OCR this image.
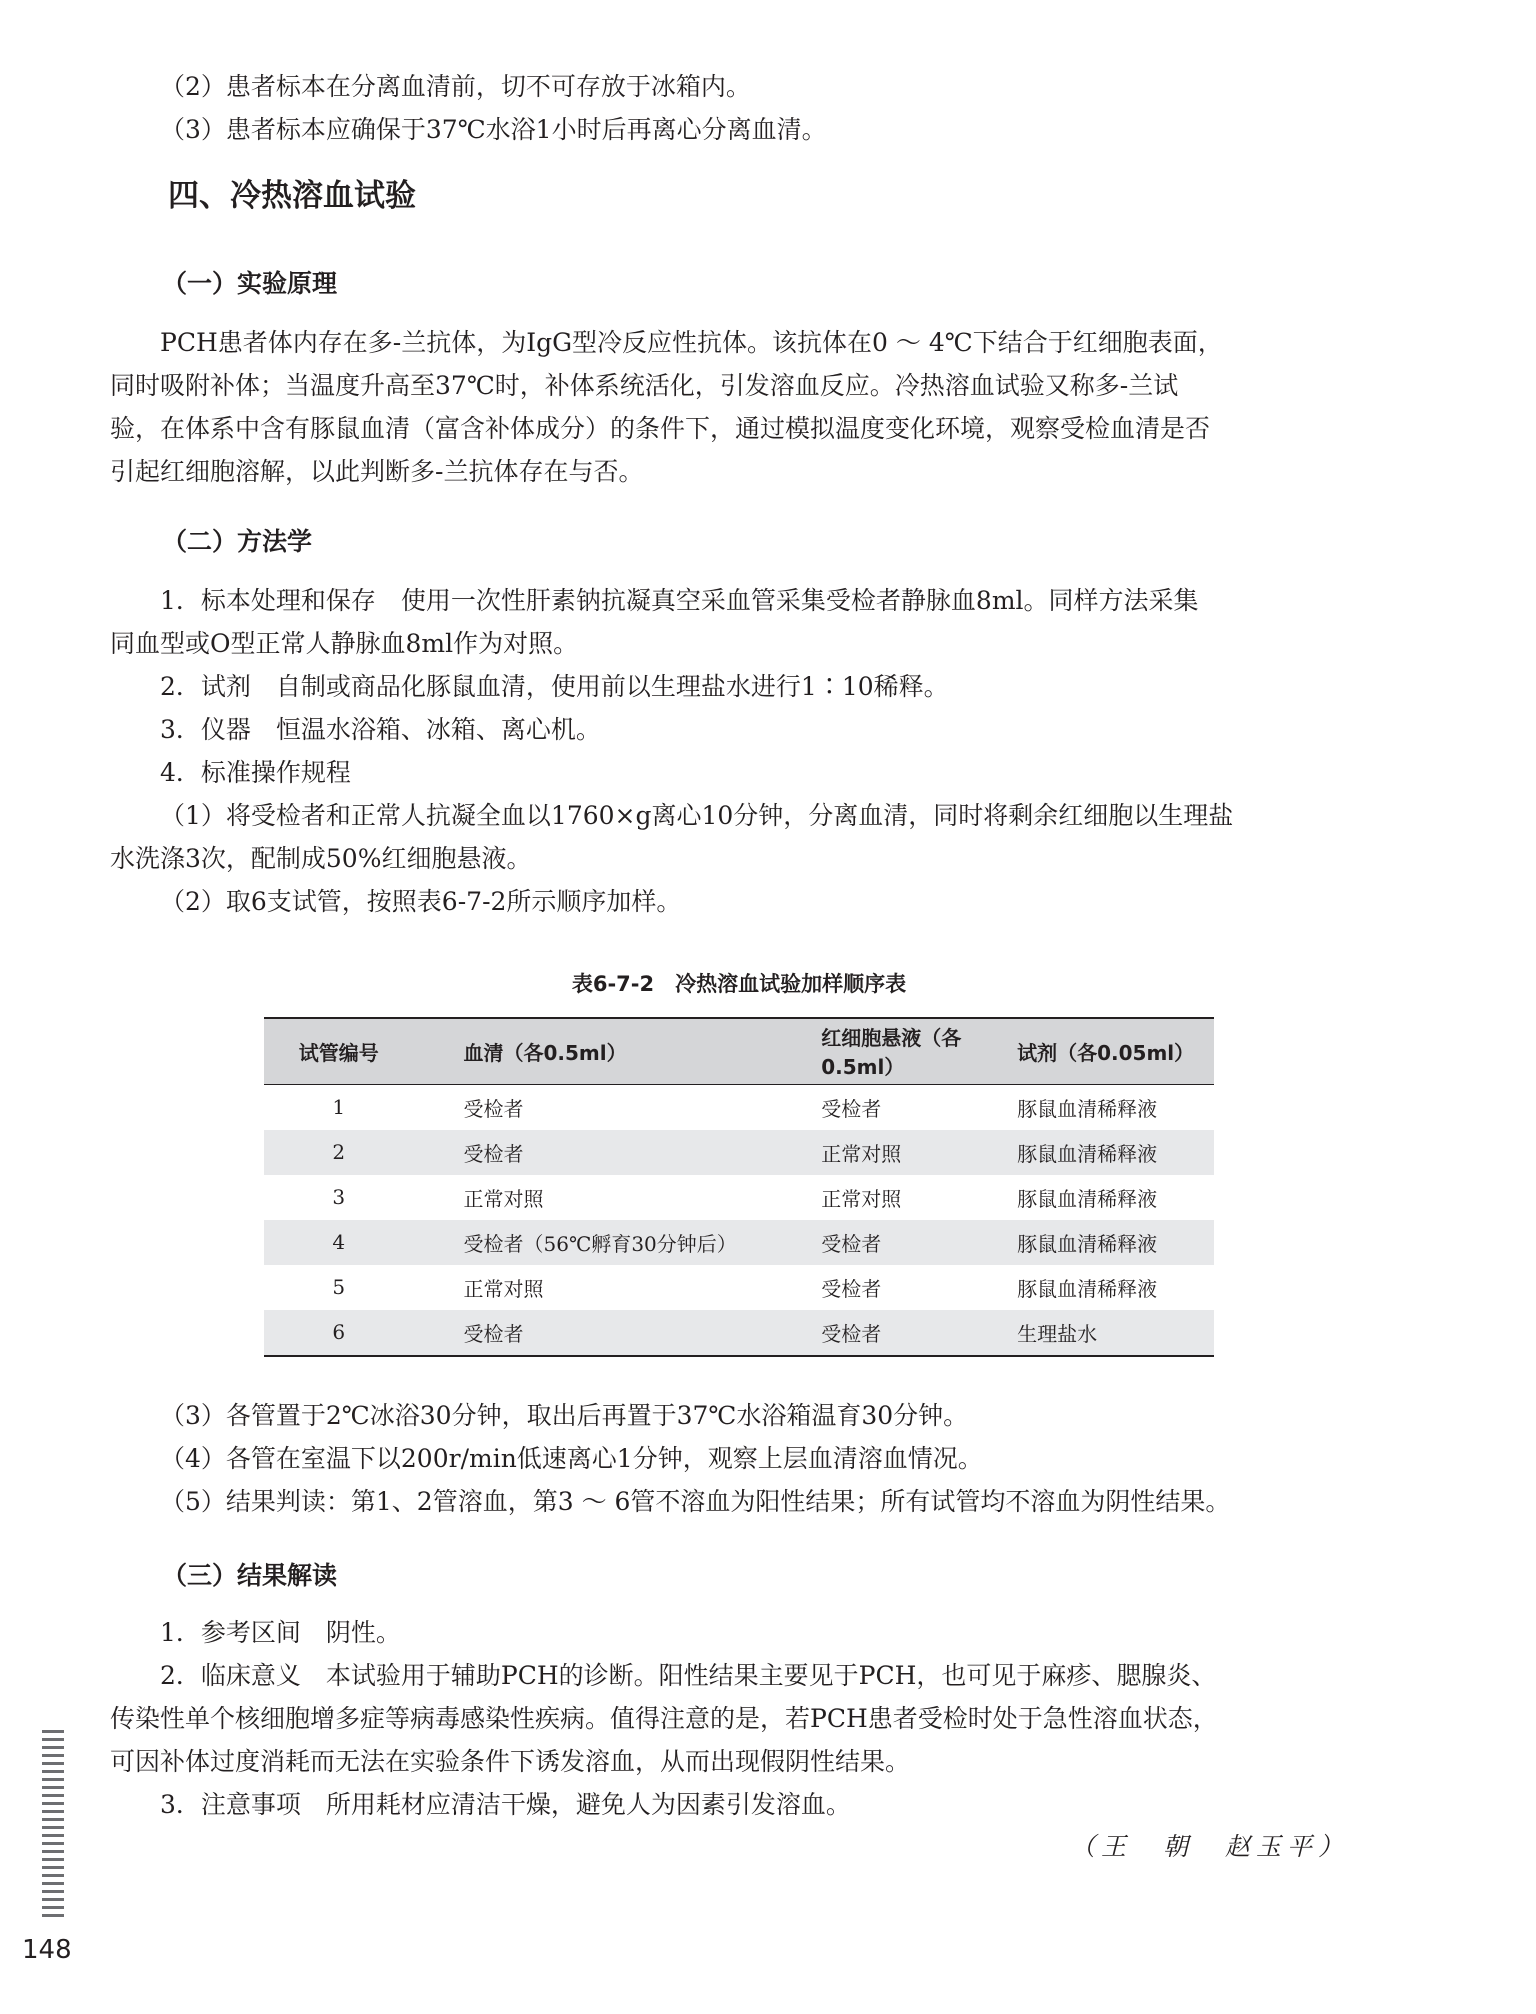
（2）患者标本在分离血清前，切不可存放于冰箱内。
（3）患者标本应确保于37℃水浴1小时后再离心分离血清。
四、冷热溶血试验
（一）实验原理
PCH患者体内存在多-兰抗体，为IgG型冷反应性抗体。该抗体在0 ～ 4℃下结合于红细胞表面，
同时吸附补体；当温度升高至37℃时，补体系统活化，引发溶血反应。冷热溶血试验又称多-兰试
验，在体系中含有豚鼠血清（富含补体成分）的条件下，通过模拟温度变化环境，观察受检血清是否
引起红细胞溶解，以此判断多-兰抗体存在与否。
（二）方法学
1．标本处理和保存　使用一次性肝素钠抗凝真空采血管采集受检者静脉血8ml。同样方法采集
同血型或O型正常人静脉血8ml作为对照。
2．试剂　自制或商品化豚鼠血清，使用前以生理盐水进行1∶10稀释。
3．仪器　恒温水浴箱、冰箱、离心机。
4．标准操作规程
（1）将受检者和正常人抗凝全血以1760×g离心10分钟，分离血清，同时将剩余红细胞以生理盐
水洗涤3次，配制成50%红细胞悬液。
（2）取6支试管，按照表6-7-2所示顺序加样。
表6-7-2　冷热溶血试验加样顺序表
试管编号	血清（各0.5ml）	红细胞悬液（各0.5ml）	试剂（各0.05ml）
1	受检者	受检者	豚鼠血清稀释液
2	受检者	正常对照	豚鼠血清稀释液
3	正常对照	正常对照	豚鼠血清稀释液
4	受检者（56℃孵育30分钟后）	受检者	豚鼠血清稀释液
5	正常对照	受检者	豚鼠血清稀释液
6	受检者	受检者	生理盐水
（3）各管置于2℃冰浴30分钟，取出后再置于37℃水浴箱温育30分钟。
（4）各管在室温下以200r/min低速离心1分钟，观察上层血清溶血情况。
（5）结果判读：第1、2管溶血，第3 ～ 6管不溶血为阳性结果；所有试管均不溶血为阴性结果。
（三）结果解读
1．参考区间　阴性。
2．临床意义　本试验用于辅助PCH的诊断。阳性结果主要见于PCH，也可见于麻疹、腮腺炎、
传染性单个核细胞增多症等病毒感染性疾病。值得注意的是，若PCH患者受检时处于急性溶血状态，
可因补体过度消耗而无法在实验条件下诱发溶血，从而出现假阴性结果。
3．注意事项　所用耗材应清洁干燥，避免人为因素引发溶血。
（王　朝　赵玉平）
148
